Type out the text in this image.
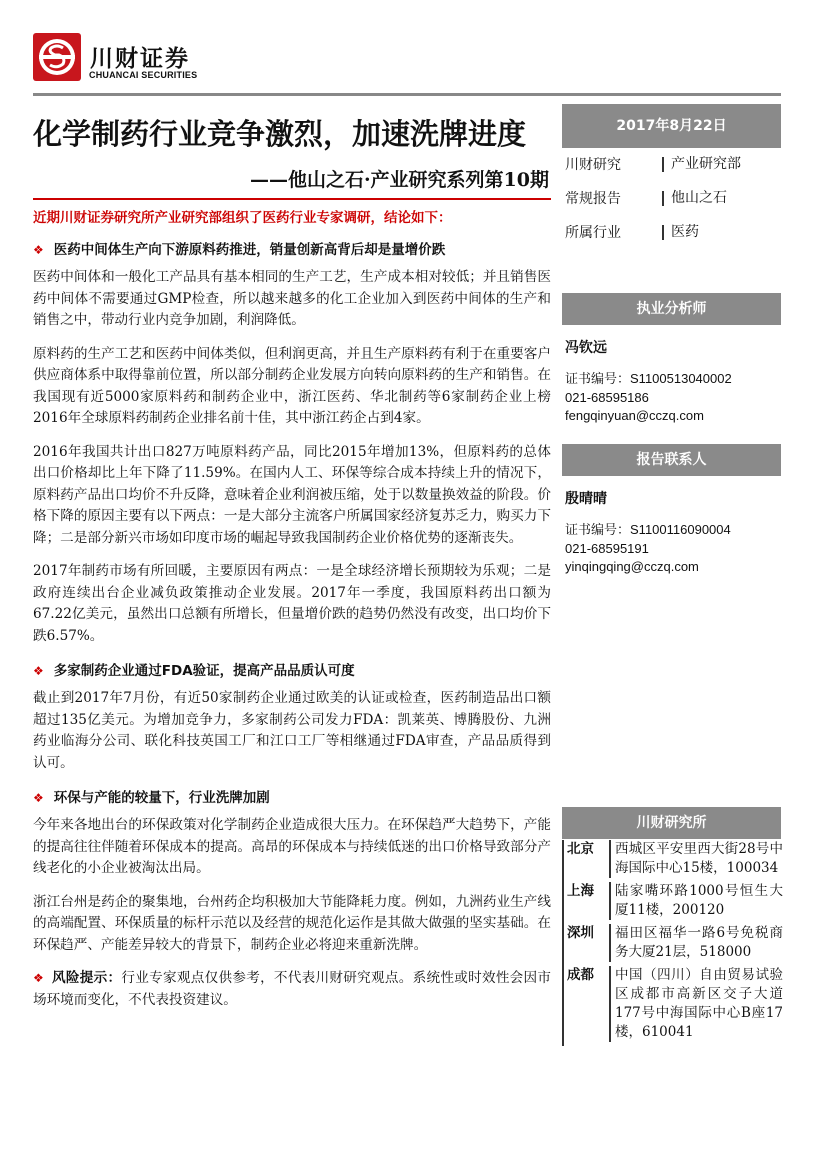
川财证券
CHUANCAI SECURITIES
化学制药行业竞争激烈，加速洗牌进度
——他山之石·产业研究系列第10期
近期川财证券研究所产业研究部组织了医药行业专家调研，结论如下：
❖ 医药中间体生产向下游原料药推进，销量创新高背后却是量增价跌

医药中间体和一般化工产品具有基本相同的生产工艺，生产成本相对较低；并且销售医药中间体不需要通过GMP检查，所以越来越多的化工企业加入到医药中间体的生产和销售之中，带动行业内竞争加剧，利润降低。

原料药的生产工艺和医药中间体类似，但利润更高，并且生产原料药有利于在重要客户供应商体系中取得靠前位置，所以部分制药企业发展方向转向原料药的生产和销售。在我国现有近5000家原料药和制药企业中，浙江医药、华北制药等6家制药企业上榜2016年全球原料药制药企业排名前十佳，其中浙江药企占到4家。

2016年我国共计出口827万吨原料药产品，同比2015年增加13%，但原料药的总体出口价格却比上年下降了11.59%。在国内人工、环保等综合成本持续上升的情况下，原料药产品出口均价不升反降，意味着企业利润被压缩，处于以数量换效益的阶段。价格下降的原因主要有以下两点：一是大部分主流客户所属国家经济复苏乏力，购买力下降；二是部分新兴市场如印度市场的崛起导致我国制药企业价格优势的逐渐丧失。

2017年制药市场有所回暖，主要原因有两点：一是全球经济增长预期较为乐观；二是政府连续出台企业减负政策推动企业发展。2017年一季度，我国原料药出口额为67.22亿美元，虽然出口总额有所增长，但量增价跌的趋势仍然没有改变，出口均价下跌6.57%。

❖ 多家制药企业通过FDA验证，提高产品品质认可度

截止到2017年7月份，有近50家制药企业通过欧美的认证或检查，医药制造品出口额超过135亿美元。为增加竞争力，多家制药公司发力FDA：凯莱英、博腾股份、九洲药业临海分公司、联化科技英国工厂和江口工厂等相继通过FDA审查，产品品质得到认可。

❖ 环保与产能的较量下，行业洗牌加剧

今年来各地出台的环保政策对化学制药企业造成很大压力。在环保趋严大趋势下，产能的提高往往伴随着环保成本的提高。高昂的环保成本与持续低迷的出口价格导致部分产线老化的小企业被淘汰出局。

浙江台州是药企的聚集地，台州药企均积极加大节能降耗力度。例如，九洲药业生产线的高端配置、环保质量的标杆示范以及经营的规范化运作是其做大做强的坚实基础。在环保趋严、产能差异较大的背景下，制药企业必将迎来重新洗牌。

❖ 风险提示：行业专家观点仅供参考，不代表川财研究观点。系统性或时效性会因市场环境而变化，不代表投资建议。
2017年8月22日
川财研究	产业研究部
常规报告	他山之石
所属行业	医药
执业分析师
冯钦远
证书编号：S1100513040002
021-68595186
fengqinyuan@cczq.com
报告联系人
殷晴晴
证书编号：S1100116090004
021-68595191
yinqingqing@cczq.com
川财研究所
北京	西城区平安里西大街28号中海国际中心15楼，100034
上海	陆家嘴环路1000号恒生大厦11楼，200120
深圳	福田区福华一路6号免税商务大厦21层，518000
成都	中国（四川）自由贸易试验区成都市高新区交子大道177号中海国际中心B座17楼，610041
